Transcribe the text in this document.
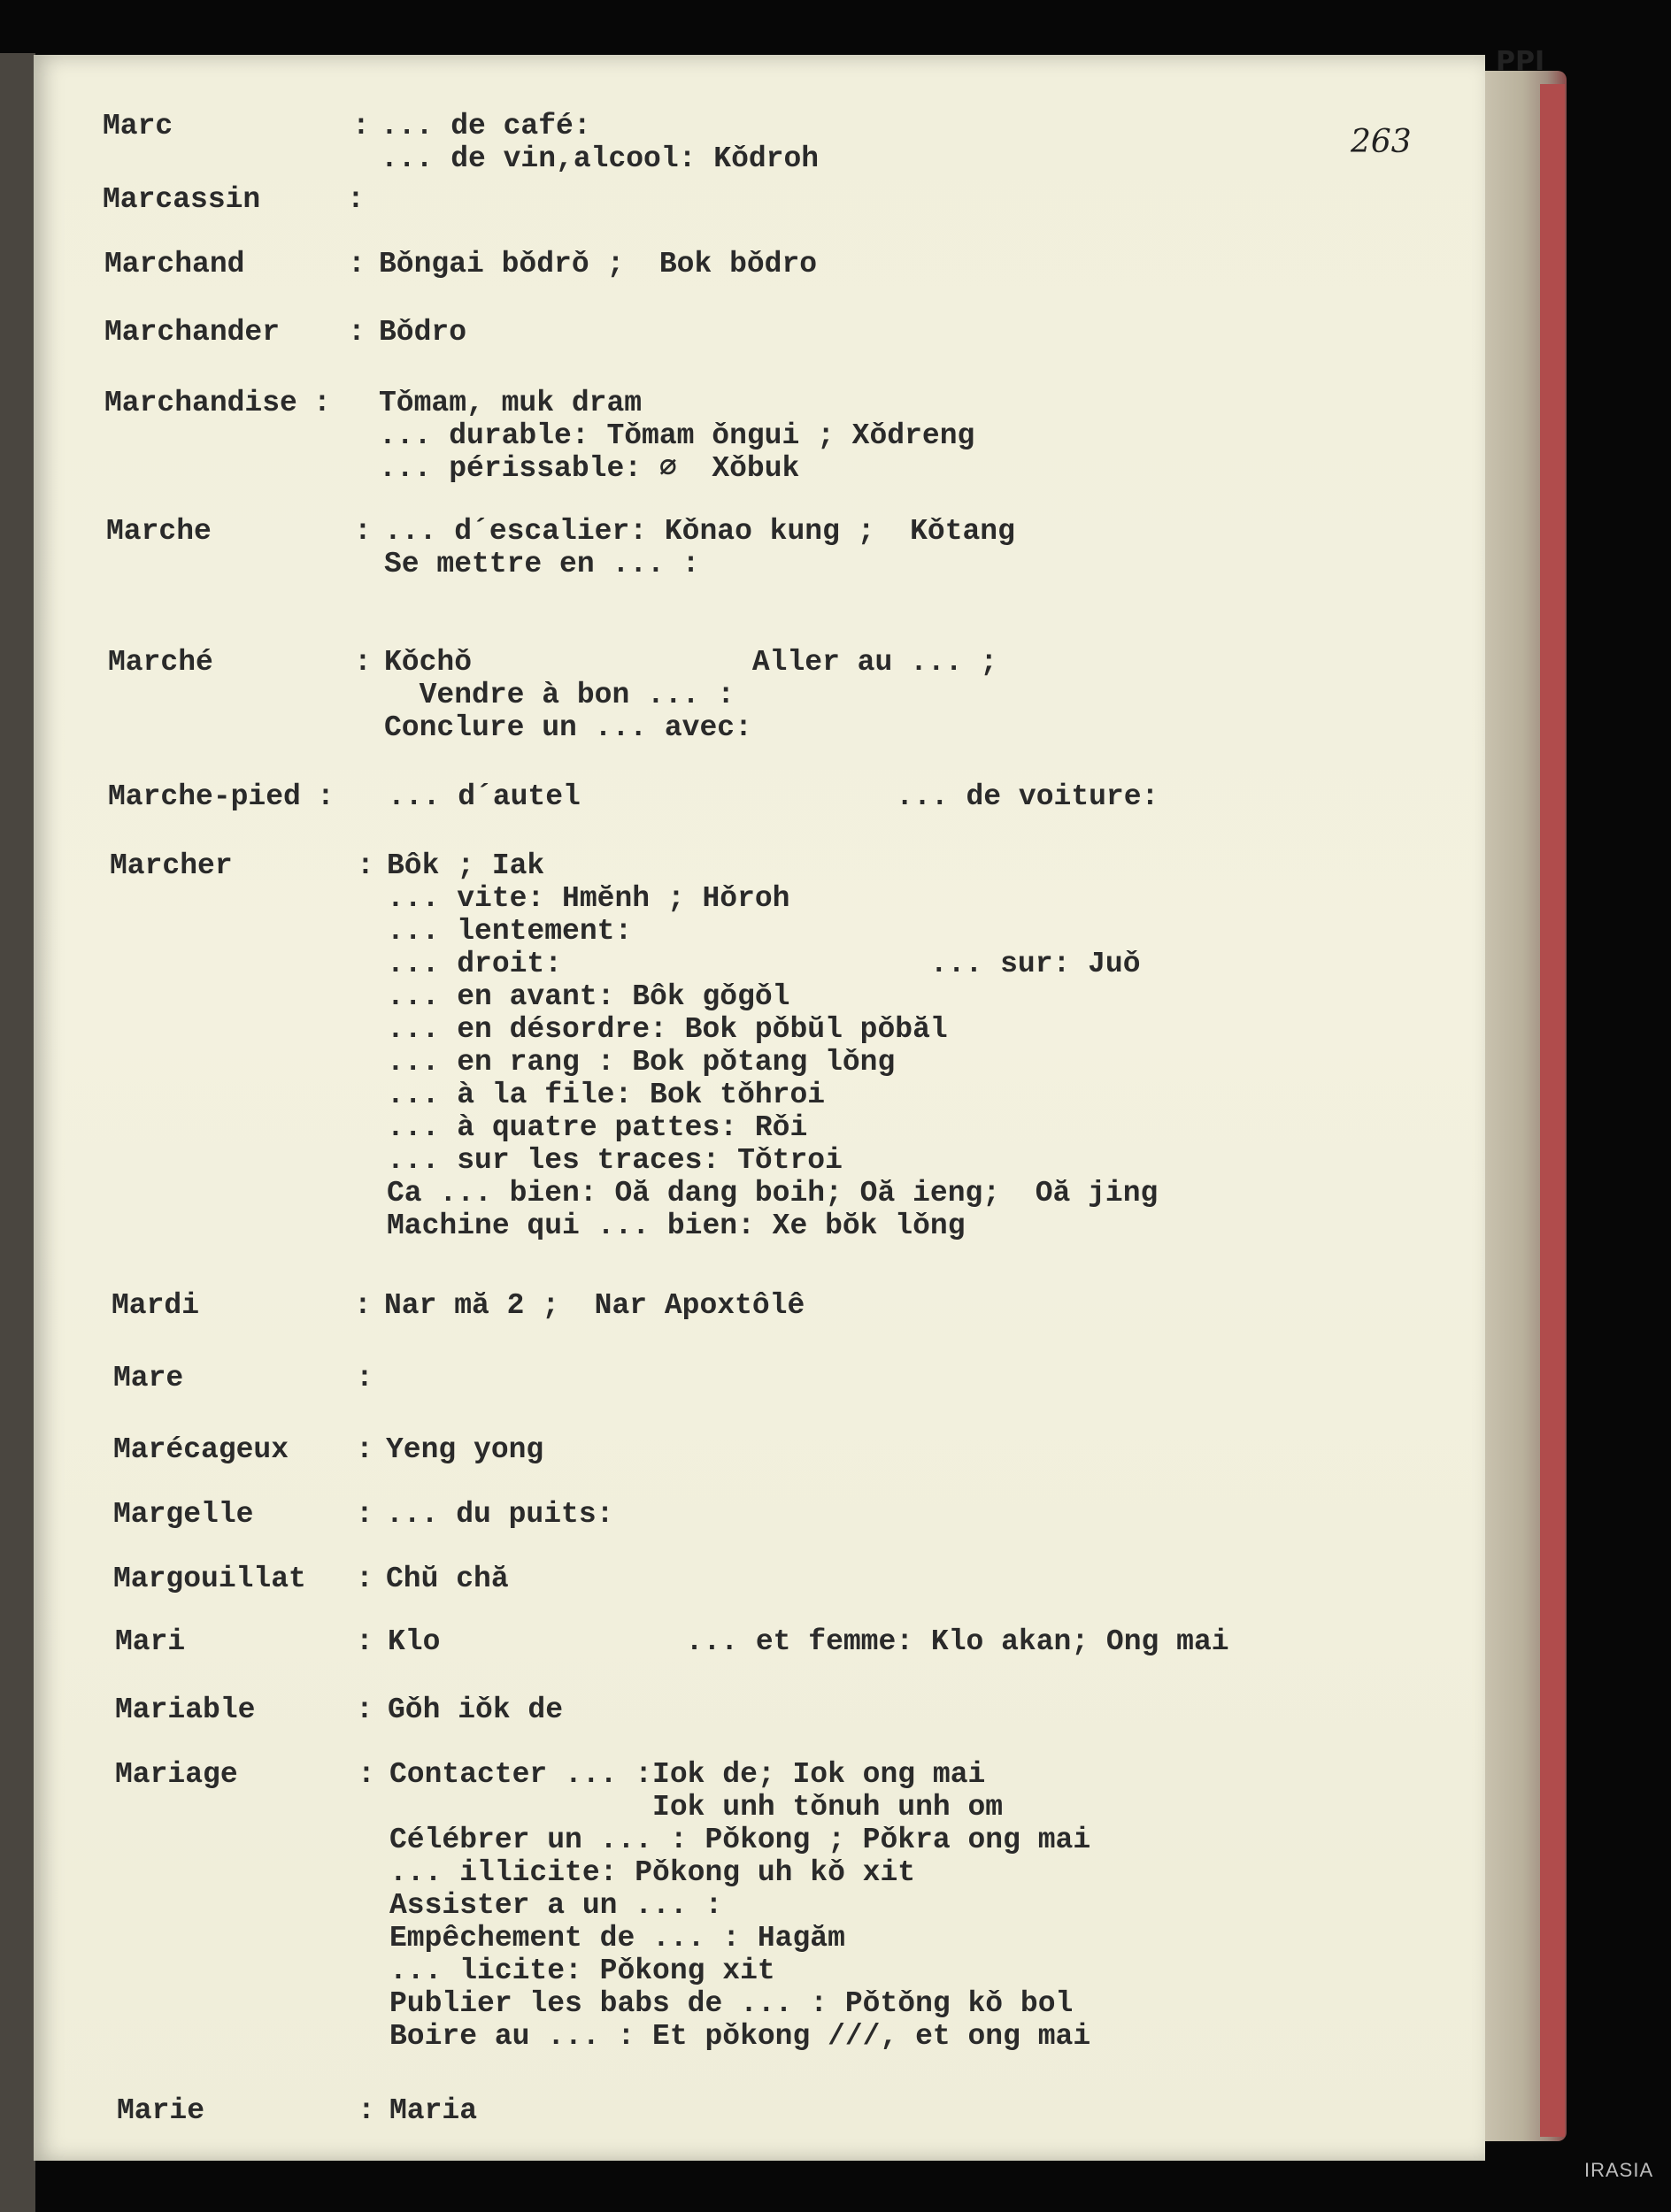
PPI
263
Marc	: ... de café:
... de vin,alcool: Kǒdroh
Marcassin	:
Marchand	: Bǒngai bǒdrǒ ;  Bok bǒdro
Marchander : Bǒdro
Marchandise : Tǒmam, muk dram
... durable: Tǒmam ǒngui ; Xǒdreng
... périssable: ∅  Xǒbuk
Marche	: ... d´escalier: Kǒnao kung ;  Kǒtang
Se mettre en ... :
Marché	: Kǒchǒ                Aller au ... ;
Vendre à bon ... :
Conclure un ... avec:
Marche-pied : ... d´autel                  ... de voiture:
Marcher	: Bôk ; Iak
... vite: Hmĕnh ; Hǒroh
... lentement:
... droit:                     ... sur: Juǒ
... en avant: Bôk gǒgǒl
... en désordre: Bok pǒbŭl pǒbăl
... en rang : Bok pǒtang lǒng
... à la file: Bok tǒhroi
... à quatre pattes: Rǒi
... sur les traces: Tǒtroi
Ca ... bien: Oă dang boih; Oă ieng;  Oă jing
Machine qui ... bien: Xe bŏk lǒng
Mardi	: Nar mă 2 ;  Nar Apoxtôlê
Mare	:
Marécageux : Yeng yong
Margelle	: ... du puits:
Margouillat : Chŭ chă
Mari	: Klo              ... et femme: Klo akan; Ong mai
Mariable	: Gǒh iǒk de
Mariage	: Contacter ... :Iok de; Iok ong mai
Iok unh tǒnuh unh om
Célébrer un ... : Pǒkong ; Pǒkra ong mai
... illicite: Pǒkong uh kǒ xit
Assister a un ... :
Empêchement de ... : Hagăm
... licite: Pǒkong xit
Publier les babs de ... : Pǒtǒng kǒ bol
Boire au ... : Et pǒkong ///, et ong mai
Marie	: Maria
IRASIA
